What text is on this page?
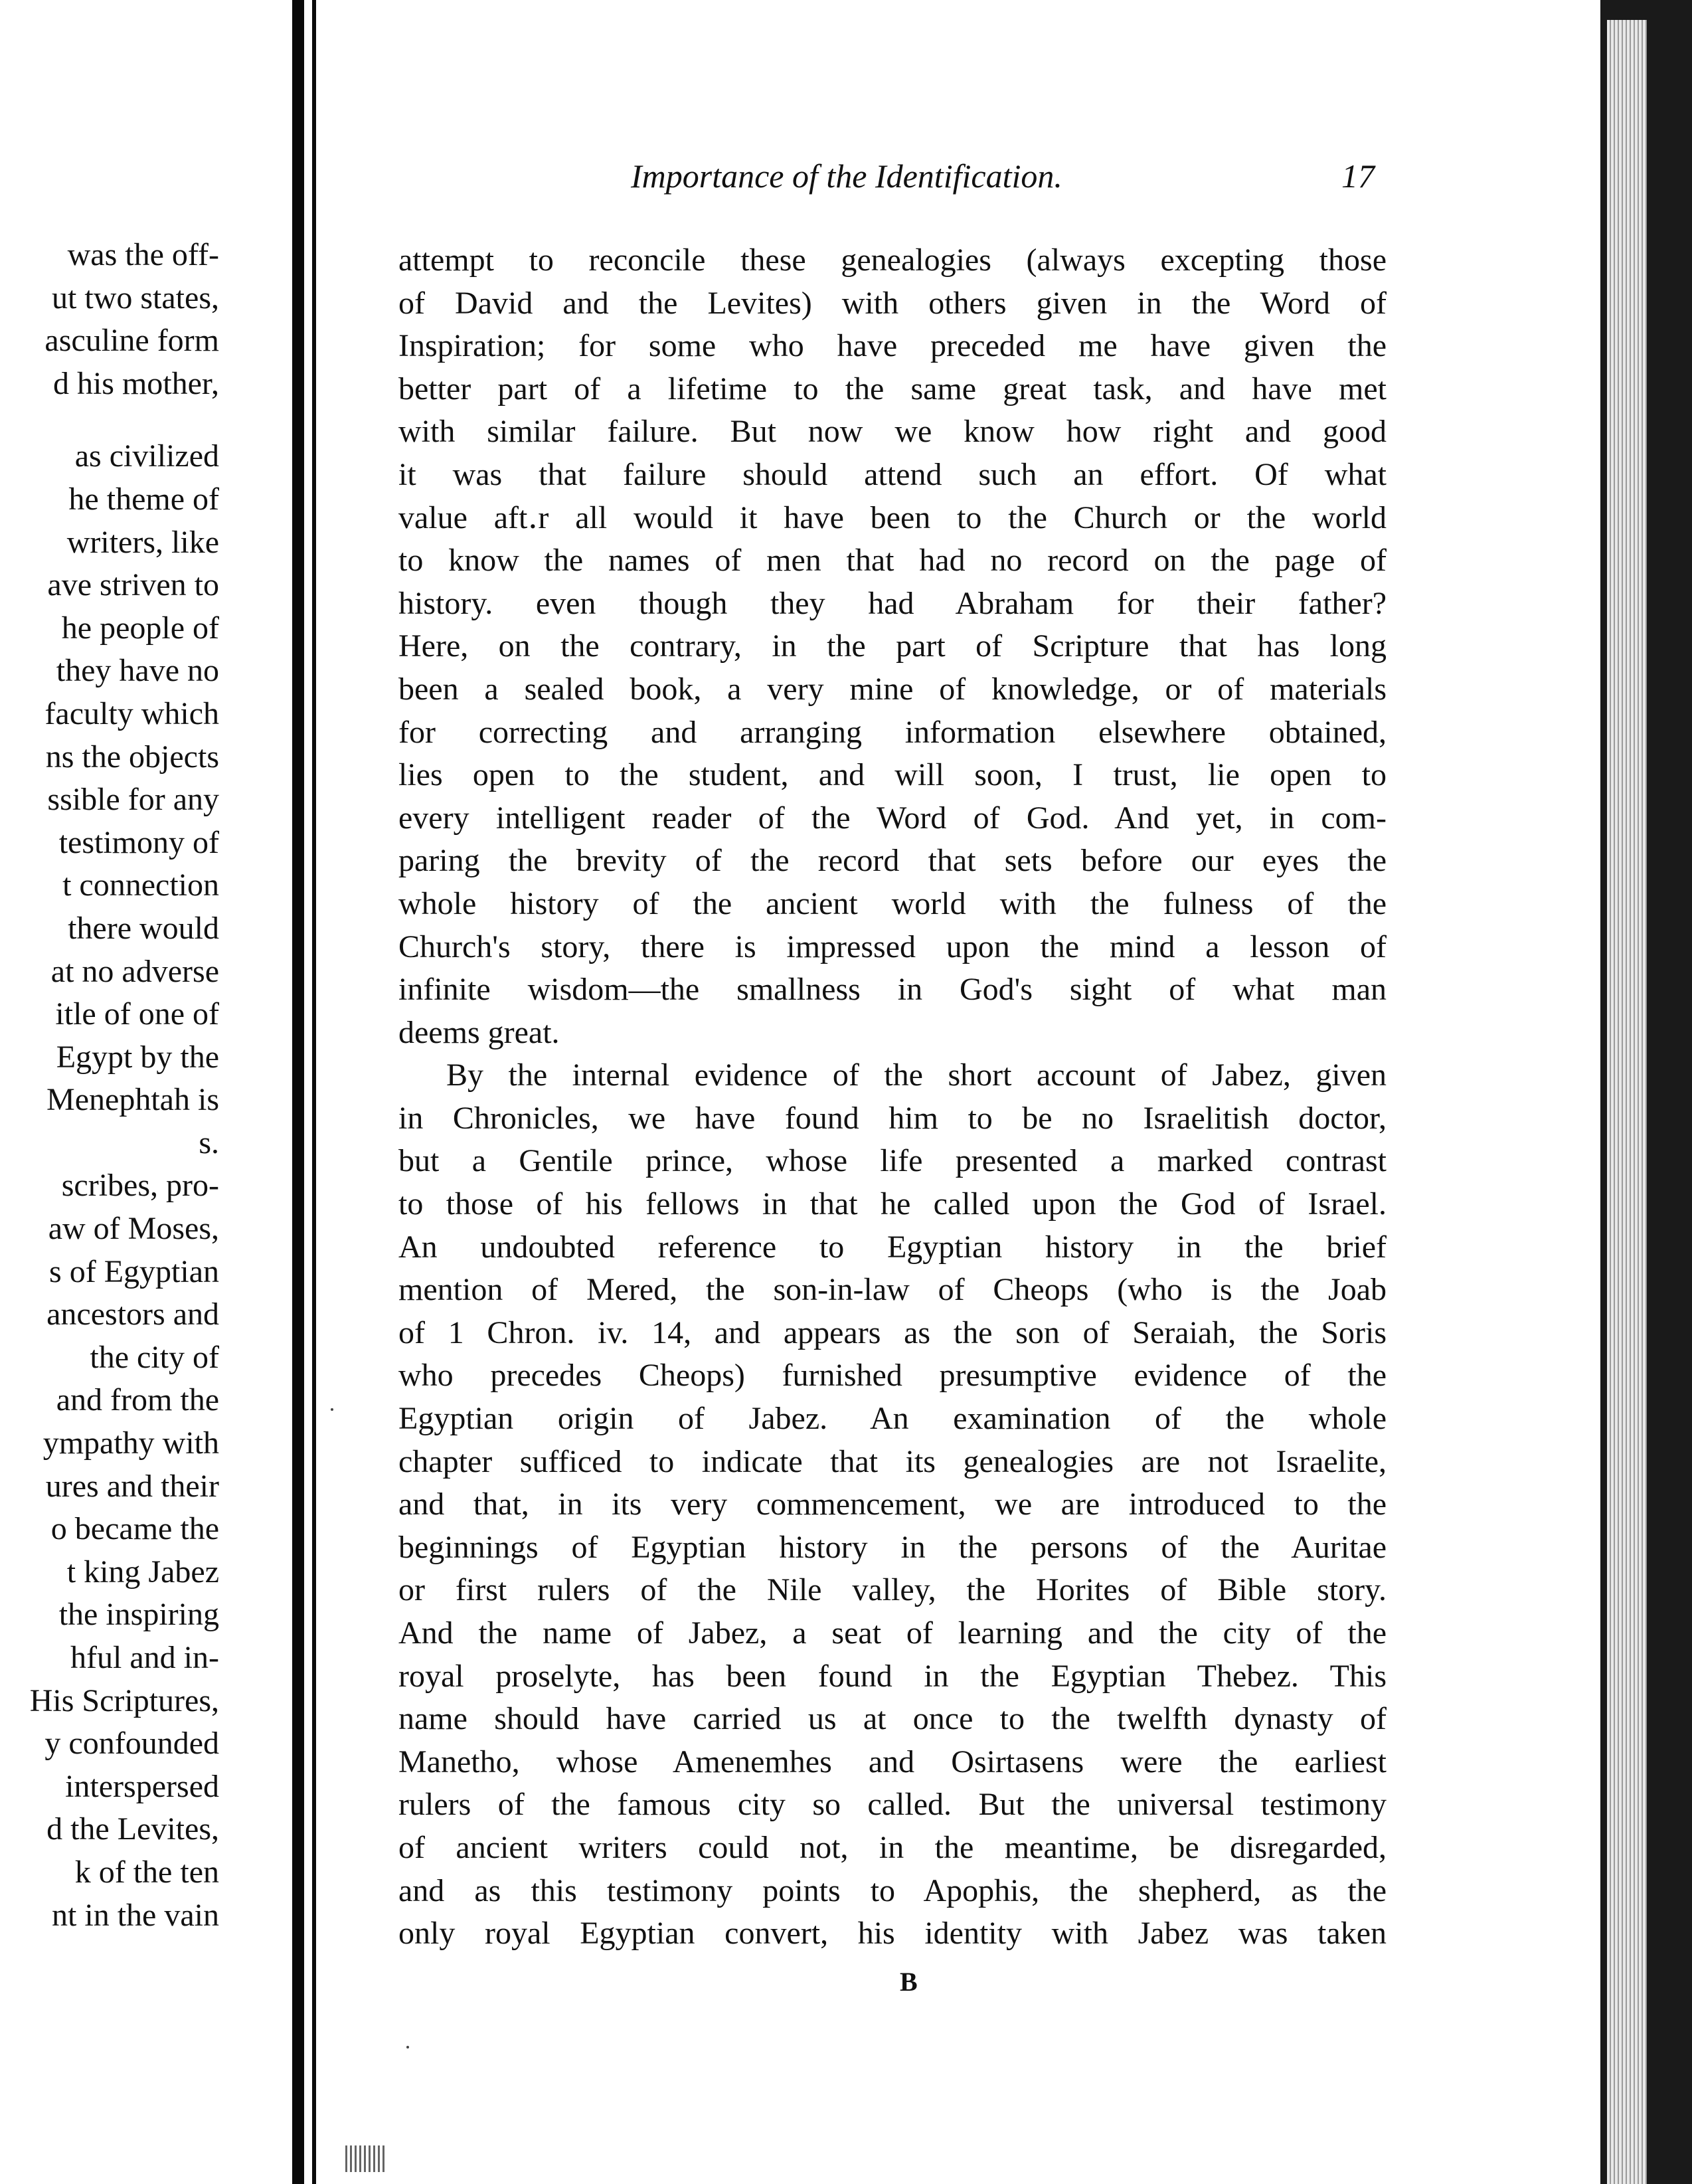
was the off-
ut two states,
asculine form
d his mother,
as civilized
he theme of
writers, like
ave striven to
he people of
they have no
faculty which
ns the objects
ssible for any
testimony of
t connection
there would
at no adverse
itle of one of
Egypt by the
Menephtah is
s.
scribes, pro-
aw of Moses,
s of Egyptian
ancestors and
the city of
and from the
ympathy with
ures and their
o became the
t king Jabez
the inspiring
hful and in-
His Scriptures,
y confounded
interspersed
d the Levites,
k of the ten
nt in the vain
Importance of the Identification.	17
attempt to reconcile these genealogies (always excepting those
of David and the Levites) with others given in the Word of
Inspiration; for some who have preceded me have given the
better part of a lifetime to the same great task, and have met
with similar failure. But now we know how right and good
it was that failure should attend such an effort. Of what
value aft․r all would it have been to the Church or the world
to know the names of men that had no record on the page of
history. even though they had Abraham for their father?
Here, on the contrary, in the part of Scripture that has long
been a sealed book, a very mine of knowledge, or of materials
for correcting and arranging information elsewhere obtained,
lies open to the student, and will soon, I trust, lie open to
every intelligent reader of the Word of God. And yet, in com-
paring the brevity of the record that sets before our eyes the
whole history of the ancient world with the fulness of the
Church's story, there is impressed upon the mind a lesson of
infinite wisdom—the smallness in God's sight of what man
deems great.
By the internal evidence of the short account of Jabez, given
in Chronicles, we have found him to be no Israelitish doctor,
but a Gentile prince, whose life presented a marked contrast
to those of his fellows in that he called upon the God of Israel.
An undoubted reference to Egyptian history in the brief
mention of Mered, the son-in-law of Cheops (who is the Joab
of 1 Chron. iv. 14, and appears as the son of Seraiah, the Soris
who precedes Cheops) furnished presumptive evidence of the
Egyptian origin of Jabez. An examination of the whole
chapter sufficed to indicate that its genealogies are not Israelite,
and that, in its very commencement, we are introduced to the
beginnings of Egyptian history in the persons of the Auritae
or first rulers of the Nile valley, the Horites of Bible story.
And the name of Jabez, a seat of learning and the city of the
royal proselyte, has been found in the Egyptian Thebez. This
name should have carried us at once to the twelfth dynasty of
Manetho, whose Amenemhes and Osirtasens were the earliest
rulers of the famous city so called. But the universal testimony
of ancient writers could not, in the meantime, be disregarded,
and as this testimony points to Apophis, the shepherd, as the
only royal Egyptian convert, his identity with Jabez was taken
B
